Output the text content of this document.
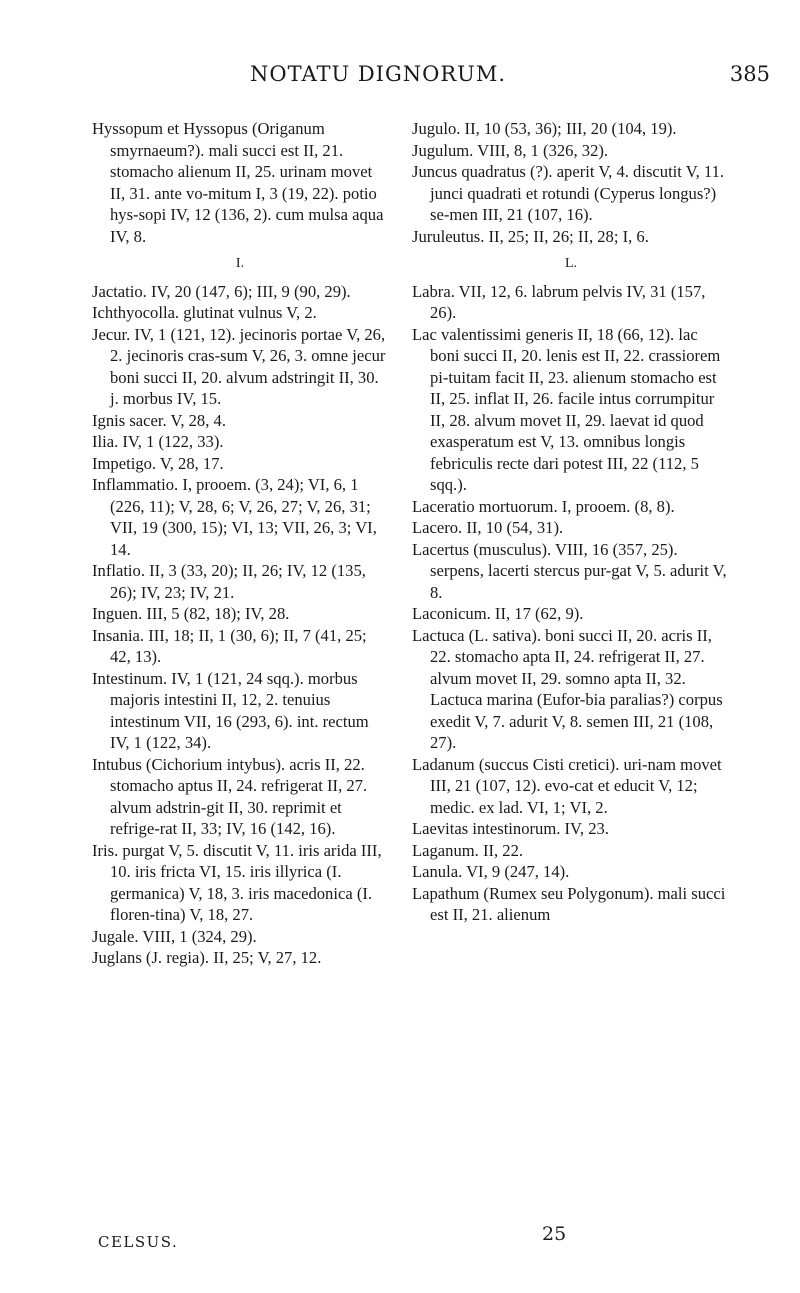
NOTATU DIGNORUM.	385

Hyssopum et Hyssopus (Origanum smyrnaeum?). mali succi est II, 21. stomacho alienum II, 25. urinam movet II, 31. ante vo-mitum I, 3 (19, 22). potio hys-sopi IV, 12 (136, 2). cum mulsa aqua IV, 8.

I.

Jactatio. IV, 20 (147, 6); III, 9 (90, 29).

Ichthyocolla. glutinat vulnus V, 2.

Jecur. IV, 1 (121, 12). jecinoris portae V, 26, 2. jecinoris cras-sum V, 26, 3. omne jecur boni succi II, 20. alvum adstringit II, 30. j. morbus IV, 15.

Ignis sacer. V, 28, 4.

Ilia. IV, 1 (122, 33).

Impetigo. V, 28, 17.

Inflammatio. I, prooem. (3, 24); VI, 6, 1 (226, 11); V, 28, 6; V, 26, 27; V, 26, 31; VII, 19 (300, 15); VI, 13; VII, 26, 3; VI, 14.

Inflatio. II, 3 (33, 20); II, 26; IV, 12 (135, 26); IV, 23; IV, 21.

Inguen. III, 5 (82, 18); IV, 28.

Insania. III, 18; II, 1 (30, 6); II, 7 (41, 25; 42, 13).

Intestinum. IV, 1 (121, 24 sqq.). morbus majoris intestini II, 12, 2. tenuius intestinum VII, 16 (293, 6). int. rectum IV, 1 (122, 34).

Intubus (Cichorium intybus). acris II, 22. stomacho aptus II, 24. refrigerat II, 27. alvum adstrin-git II, 30. reprimit et refrige-rat II, 33; IV, 16 (142, 16).

Iris. purgat V, 5. discutit V, 11. iris arida III, 10. iris fricta VI, 15. iris illyrica (I. germanica) V, 18, 3. iris macedonica (I. floren-tina) V, 18, 27.

Jugale. VIII, 1 (324, 29).

Juglans (J. regia). II, 25; V, 27, 12.

Jugulo. II, 10 (53, 36); III, 20 (104, 19).

Jugulum. VIII, 8, 1 (326, 32).

Juncus quadratus (?). aperit V, 4. discutit V, 11. junci quadrati et rotundi (Cyperus longus?) se-men III, 21 (107, 16).

Juruleutus. II, 25; II, 26; II, 28; I, 6.

L.

Labra. VII, 12, 6. labrum pelvis IV, 31 (157, 26).

Lac valentissimi generis II, 18 (66, 12). lac boni succi II, 20. lenis est II, 22. crassiorem pi-tuitam facit II, 23. alienum stomacho est II, 25. inflat II, 26. facile intus corrumpitur II, 28. alvum movet II, 29. laevat id quod exasperatum est V, 13. omnibus longis febriculis recte dari potest III, 22 (112, 5 sqq.).

Laceratio mortuorum. I, prooem. (8, 8).

Lacero. II, 10 (54, 31).

Lacertus (musculus). VIII, 16 (357, 25). serpens, lacerti stercus pur-gat V, 5. adurit V, 8.

Laconicum. II, 17 (62, 9).

Lactuca (L. sativa). boni succi II, 20. acris II, 22. stomacho apta II, 24. refrigerat II, 27. alvum movet II, 29. somno apta II, 32. Lactuca marina (Eufor-bia paralias?) corpus exedit V, 7. adurit V, 8. semen III, 21 (108, 27).

Ladanum (succus Cisti cretici). uri-nam movet III, 21 (107, 12). evo-cat et educit V, 12; medic. ex lad. VI, 1; VI, 2.

Laevitas intestinorum. IV, 23.

Laganum. II, 22.

Lanula. VI, 9 (247, 14).

Lapathum (Rumex seu Polygonum). mali succi est II, 21. alienum

CELSUS.	25
